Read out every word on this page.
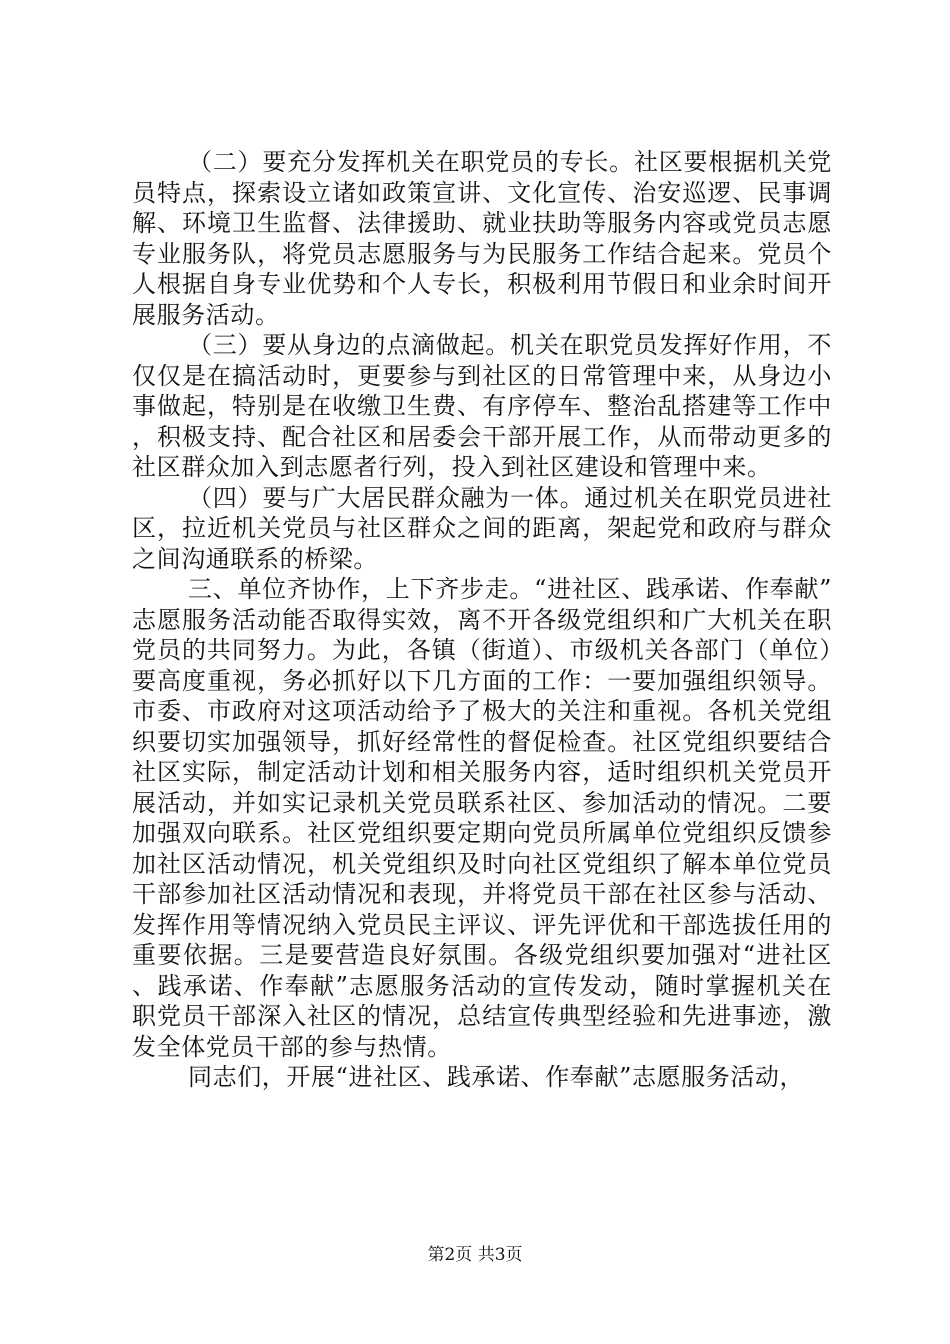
（二）要充分发挥机关在职党员的专长。社区要根据机关党员特点，探索设立诸如政策宣讲、文化宣传、治安巡逻、民事调解、环境卫生监督、法律援助、就业扶助等服务内容或党员志愿专业服务队，将党员志愿服务与为民服务工作结合起来。党员个人根据自身专业优势和个人专长，积极利用节假日和业余时间开展服务活动。

（三）要从身边的点滴做起。机关在职党员发挥好作用，不仅仅是在搞活动时，更要参与到社区的日常管理中来，从身边小事做起，特别是在收缴卫生费、有序停车、整治乱搭建等工作中，积极支持、配合社区和居委会干部开展工作，从而带动更多的社区群众加入到志愿者行列，投入到社区建设和管理中来。

（四）要与广大居民群众融为一体。通过机关在职党员进社区，拉近机关党员与社区群众之间的距离，架起党和政府与群众之间沟通联系的桥梁。

三、单位齐协作，上下齐步走。“进社区、践承诺、作奉献”志愿服务活动能否取得实效，离不开各级党组织和广大机关在职党员的共同努力。为此，各镇（街道）、市级机关各部门（单位）要高度重视，务必抓好以下几方面的工作：一要加强组织领导。市委、市政府对这项活动给予了极大的关注和重视。各机关党组织要切实加强领导，抓好经常性的督促检查。社区党组织要结合社区实际，制定活动计划和相关服务内容，适时组织机关党员开展活动，并如实记录机关党员联系社区、参加活动的情况。二要加强双向联系。社区党组织要定期向党员所属单位党组织反馈参加社区活动情况，机关党组织及时向社区党组织了解本单位党员干部参加社区活动情况和表现，并将党员干部在社区参与活动、发挥作用等情况纳入党员民主评议、评先评优和干部选拔任用的重要依据。三是要营造良好氛围。各级党组织要加强对“进社区、践承诺、作奉献”志愿服务活动的宣传发动，随时掌握机关在职党员干部深入社区的情况，总结宣传典型经验和先进事迹，激发全体党员干部的参与热情。

同志们，开展“进社区、践承诺、作奉献”志愿服务活动，

第2页 共3页
